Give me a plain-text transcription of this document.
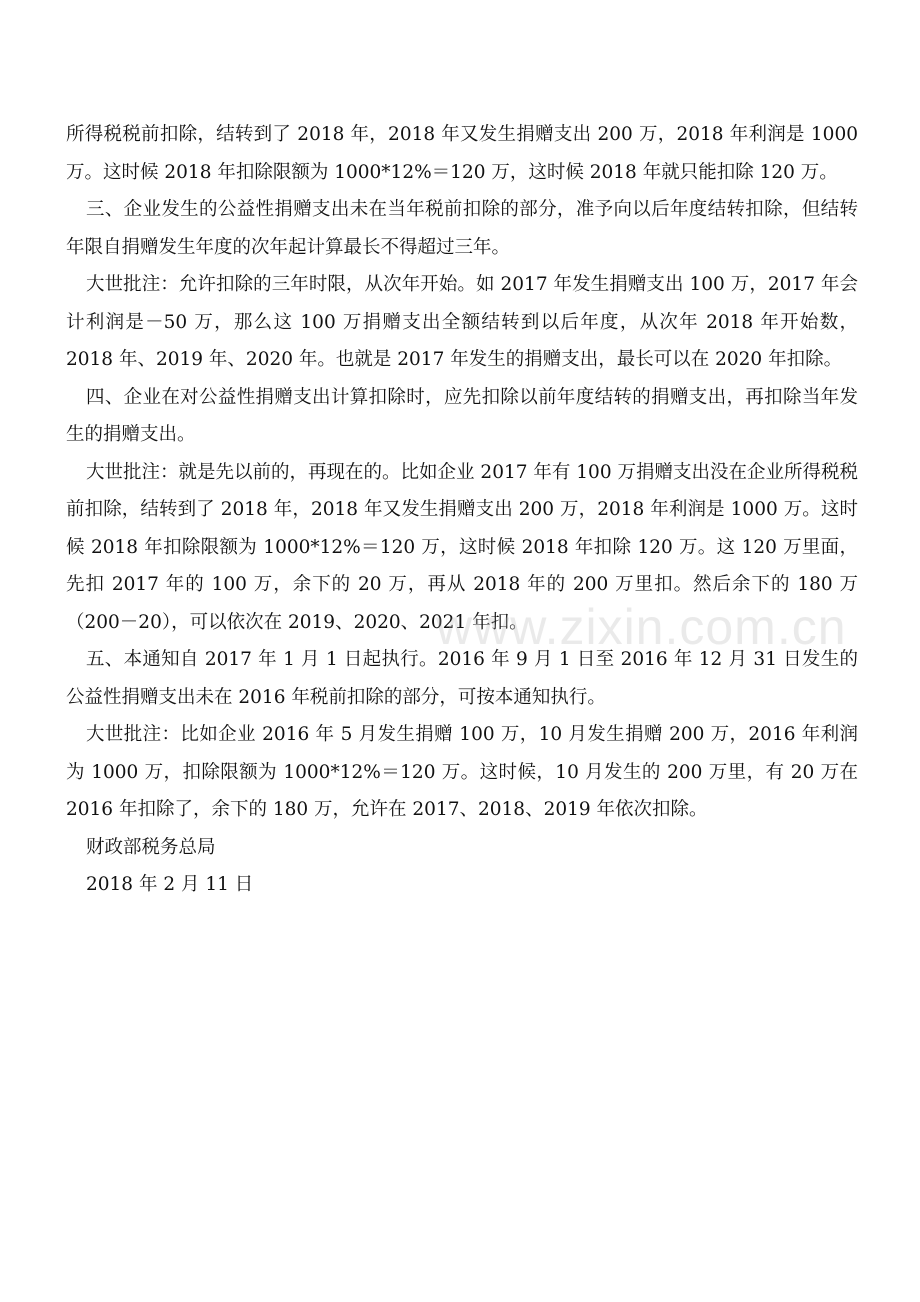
所得税税前扣除，结转到了 2018 年，2018 年又发生捐赠支出 200 万，2018 年利润是 1000 万。这时候 2018 年扣除限额为 1000*12%＝120 万，这时候 2018 年就只能扣除 120 万。

三、企业发生的公益性捐赠支出未在当年税前扣除的部分，准予向以后年度结转扣除，但结转年限自捐赠发生年度的次年起计算最长不得超过三年。

大世批注：允许扣除的三年时限，从次年开始。如 2017 年发生捐赠支出 100 万，2017 年会计利润是－50 万，那么这 100 万捐赠支出全额结转到以后年度，从次年 2018 年开始数，2018 年、2019 年、2020 年。也就是 2017 年发生的捐赠支出，最长可以在 2020 年扣除。

四、企业在对公益性捐赠支出计算扣除时，应先扣除以前年度结转的捐赠支出，再扣除当年发生的捐赠支出。

大世批注：就是先以前的，再现在的。比如企业 2017 年有 100 万捐赠支出没在企业所得税税前扣除，结转到了 2018 年，2018 年又发生捐赠支出 200 万，2018 年利润是 1000 万。这时候 2018 年扣除限额为 1000*12%＝120 万，这时候 2018 年扣除 120 万。这 120 万里面，先扣 2017 年的 100 万，余下的 20 万，再从 2018 年的 200 万里扣。然后余下的 180 万（200－20），可以依次在 2019、2020、2021 年扣。

五、本通知自 2017 年 1 月 1 日起执行。2016 年 9 月 1 日至 2016 年 12 月 31 日发生的公益性捐赠支出未在 2016 年税前扣除的部分，可按本通知执行。

大世批注：比如企业 2016 年 5 月发生捐赠 100 万，10 月发生捐赠 200 万，2016 年利润为 1000 万，扣除限额为 1000*12%＝120 万。这时候，10 月发生的 200 万里，有 20 万在 2016 年扣除了，余下的 180 万，允许在 2017、2018、2019 年依次扣除。

财政部税务总局

2018 年 2 月 11 日

www.zixin.com.cn
